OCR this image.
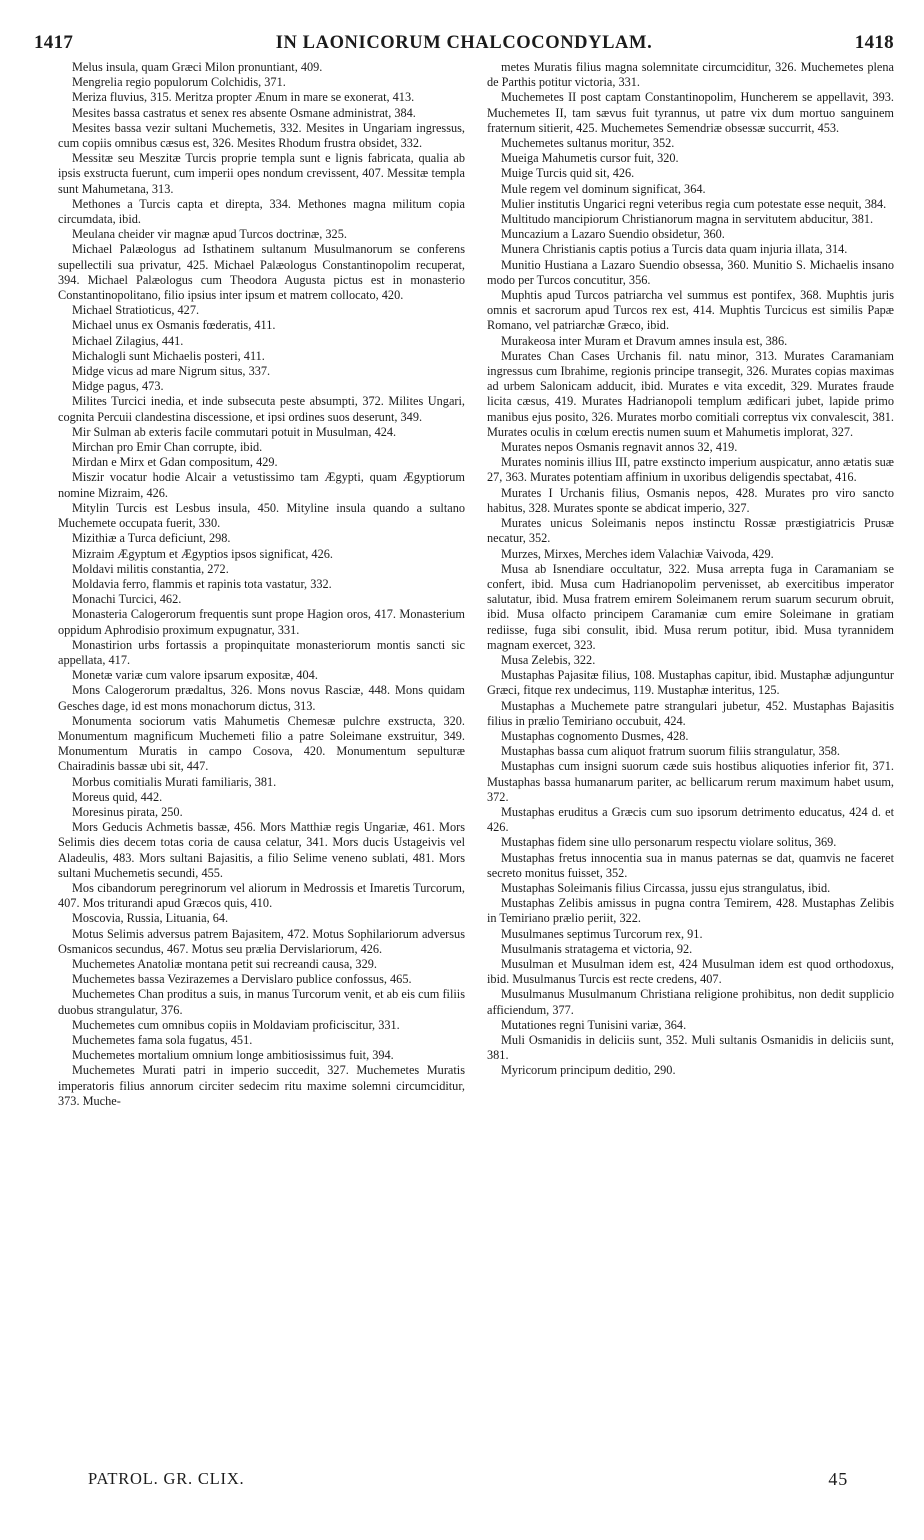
1417	IN LAONICORUM CHALCOCONDYLAM.	1418

Melus insula, quam Græci Milon pronuntiant, 409.

Mengrelia regio populorum Colchidis, 371.

Meriza fluvius, 315. Meritza propter Ænum in mare se exonerat, 413.

Mesites bassa castratus et senex res absente Osmane administrat, 384.

Mesites bassa vezir sultani Muchemetis, 332. Mesites in Ungariam ingressus, cum copiis omnibus cæsus est, 326. Mesites Rhodum frustra obsidet, 332.

Messitæ seu Meszitæ Turcis proprie templa sunt e lignis fabricata, qualia ab ipsis exstructa fuerunt, cum imperii opes nondum crevissent, 407. Messitæ templa sunt Mahumetana, 313.

Methones a Turcis capta et direpta, 334. Methones magna militum copia circumdata, ibid.

Meulana cheider vir magnæ apud Turcos doctrinæ, 325.

Michael Palæologus ad Isthatinem sultanum Musulmanorum se conferens supellectili sua privatur, 425. Michael Palæologus Constantinopolim recuperat, 394. Michael Palæologus cum Theodora Augusta pictus est in monasterio Constantinopolitano, filio ipsius inter ipsum et matrem collocato, 420.

Michael Stratioticus, 427.

Michael unus ex Osmanis fœderatis, 411.

Michael Zilagius, 441.

Michalogli sunt Michaelis posteri, 411.

Midge vicus ad mare Nigrum situs, 337.

Midge pagus, 473.

Milites Turcici inedia, et inde subsecuta peste absumpti, 372. Milites Ungari, cognita Percuii clandestina discessione, et ipsi ordines suos deserunt, 349.

Mir Sulman ab exteris facile commutari potuit in Musulman, 424.

Mirchan pro Emir Chan corrupte, ibid.

Mirdan e Mirx et Gdan compositum, 429.

Miszir vocatur hodie Alcair a vetustissimo tam Ægypti, quam Ægyptiorum nomine Mizraim, 426.

Mitylin Turcis est Lesbus insula, 450. Mityline insula quando a sultano Muchemete occupata fuerit, 330.

Mizithiæ a Turca deficiunt, 298.

Mizraim Ægyptum et Ægyptios ipsos significat, 426.

Moldavi militis constantia, 272.

Moldavia ferro, flammis et rapinis tota vastatur, 332.

Monachi Turcici, 462.

Monasteria Calogerorum frequentis sunt prope Hagion oros, 417. Monasterium oppidum Aphrodisio proximum expugnatur, 331.

Monastirion urbs fortassis a propinquitate monasteriorum montis sancti sic appellata, 417.

Monetæ variæ cum valore ipsarum expositæ, 404.

Mons Calogerorum prædaltus, 326. Mons novus Rasciæ, 448. Mons quidam Gesches dage, id est mons monachorum dictus, 313.

Monumenta sociorum vatis Mahumetis Chemesæ pulchre exstructa, 320. Monumentum magnificum Muchemeti filio a patre Soleimane exstruitur, 349. Monumentum Muratis in campo Cosova, 420. Monumentum sepulturæ Chairadinis bassæ ubi sit, 447.

Morbus comitialis Murati familiaris, 381.

Moreus quid, 442.

Moresinus pirata, 250.

Mors Geducis Achmetis bassæ, 456. Mors Matthiæ regis Ungariæ, 461. Mors Selimis dies decem totas coria de causa celatur, 341. Mors ducis Ustageivis vel Aladeulis, 483. Mors sultani Bajasitis, a filio Selime veneno sublati, 481. Mors sultani Muchemetis secundi, 455.

Mos cibandorum peregrinorum vel aliorum in Medrossis et Imaretis Turcorum, 407. Mos triturandi apud Græcos quis, 410.

Moscovia, Russia, Lituania, 64.

Motus Selimis adversus patrem Bajasitem, 472. Motus Sophilariorum adversus Osmanicos secundus, 467. Motus seu prælia Dervislariorum, 426.

Muchemetes Anatoliæ montana petit sui recreandi causa, 329.

Muchemetes bassa Vezirazemes a Dervislaro publice confossus, 465.

Muchemetes Chan proditus a suis, in manus Turcorum venit, et ab eis cum filiis duobus strangulatur, 376.

Muchemetes cum omnibus copiis in Moldaviam proficiscitur, 331.

Muchemetes fama sola fugatus, 451.

Muchemetes mortalium omnium longe ambitiosissimus fuit, 394.

Muchemetes Murati patri in imperio succedit, 327. Muchemetes Muratis imperatoris filius annorum circiter sedecim ritu maxime solemni circumciditur, 373. Muche-

metes Muratis filius magna solemnitate circumciditur, 326. Muchemetes plena de Parthis potitur victoria, 331.

Muchemetes II post captam Constantinopolim, Huncherem se appellavit, 393. Muchemetes II, tam sævus fuit tyrannus, ut patre vix dum mortuo sanguinem fraternum sitierit, 425. Muchemetes Semendriæ obsessæ succurrit, 453.

Muchemetes sultanus moritur, 352.

Mueiga Mahumetis cursor fuit, 320.

Muige Turcis quid sit, 426.

Mule regem vel dominum significat, 364.

Mulier institutis Ungarici regni veteribus regia cum potestate esse nequit, 384.

Multitudo mancipiorum Christianorum magna in servitutem abducitur, 381.

Muncazium a Lazaro Suendio obsidetur, 360.

Munera Christianis captis potius a Turcis data quam injuria illata, 314.

Munitio Hustiana a Lazaro Suendio obsessa, 360. Munitio S. Michaelis insano modo per Turcos concutitur, 356.

Muphtis apud Turcos patriarcha vel summus est pontifex, 368. Muphtis juris omnis et sacrorum apud Turcos rex est, 414. Muphtis Turcicus est similis Papæ Romano, vel patriarchæ Græco, ibid.

Murakeosa inter Muram et Dravum amnes insula est, 386.

Murates Chan Cases Urchanis fil. natu minor, 313. Murates Caramaniam ingressus cum Ibrahime, regionis principe transegit, 326. Murates copias maximas ad urbem Salonicam adducit, ibid. Murates e vita excedit, 329. Murates fraude licita cæsus, 419. Murates Hadrianopoli templum ædificari jubet, lapide primo manibus ejus posito, 326. Murates morbo comitiali correptus vix convalescit, 381. Murates oculis in cœlum erectis numen suum et Mahumetis implorat, 327.

Murates nepos Osmanis regnavit annos 32, 419.

Murates nominis illius III, patre exstincto imperium auspicatur, anno ætatis suæ 27, 363. Murates potentiam affinium in uxoribus deligendis spectabat, 416.

Murates I Urchanis filius, Osmanis nepos, 428. Murates pro viro sancto habitus, 328. Murates sponte se abdicat imperio, 327.

Murates unicus Soleimanis nepos instinctu Rossæ præstigiatricis Prusæ necatur, 352.

Murzes, Mirxes, Merches idem Valachiæ Vaivoda, 429.

Musa ab Isnendiare occultatur, 322. Musa arrepta fuga in Caramaniam se confert, ibid. Musa cum Hadrianopolim pervenisset, ab exercitibus imperator salutatur, ibid. Musa fratrem emirem Soleimanem rerum suarum securum obruit, ibid. Musa olfacto principem Caramaniæ cum emire Soleimane in gratiam rediisse, fuga sibi consulit, ibid. Musa rerum potitur, ibid. Musa tyrannidem magnam exercet, 323.

Musa Zelebis, 322.

Mustaphas Pajasitæ filius, 108. Mustaphas capitur, ibid. Mustaphæ adjunguntur Græci, fitque rex undecimus, 119. Mustaphæ interitus, 125.

Mustaphas a Muchemete patre strangulari jubetur, 452. Mustaphas Bajasitis filius in prælio Temiriano occubuit, 424.

Mustaphas cognomento Dusmes, 428.

Mustaphas bassa cum aliquot fratrum suorum filiis strangulatur, 358.

Mustaphas cum insigni suorum cæde suis hostibus aliquoties inferior fit, 371. Mustaphas bassa humanarum pariter, ac bellicarum rerum maximum habet usum, 372.

Mustaphas eruditus a Græcis cum suo ipsorum detrimento educatus, 424 d. et 426.

Mustaphas fidem sine ullo personarum respectu violare solitus, 369.

Mustaphas fretus innocentia sua in manus paternas se dat, quamvis ne faceret secreto monitus fuisset, 352.

Mustaphas Soleimanis filius Circassa, jussu ejus strangulatus, ibid.

Mustaphas Zelibis amissus in pugna contra Temirem, 428. Mustaphas Zelibis in Temiriano prælio periit, 322.

Musulmanes septimus Turcorum rex, 91.

Musulmanis stratagema et victoria, 92.

Musulman et Musulman idem est, 424 Musulman idem est quod orthodoxus, ibid. Musulmanus Turcis est recte credens, 407.

Musulmanus Musulmanum Christiana religione prohibitus, non dedit supplicio afficiendum, 377.

Mutationes regni Tunisini variæ, 364.

Muli Osmanidis in deliciis sunt, 352. Muli sultanis Osmanidis in deliciis sunt, 381.

Myricorum principum deditio, 290.

PATROL. GR. CLIX.	45
